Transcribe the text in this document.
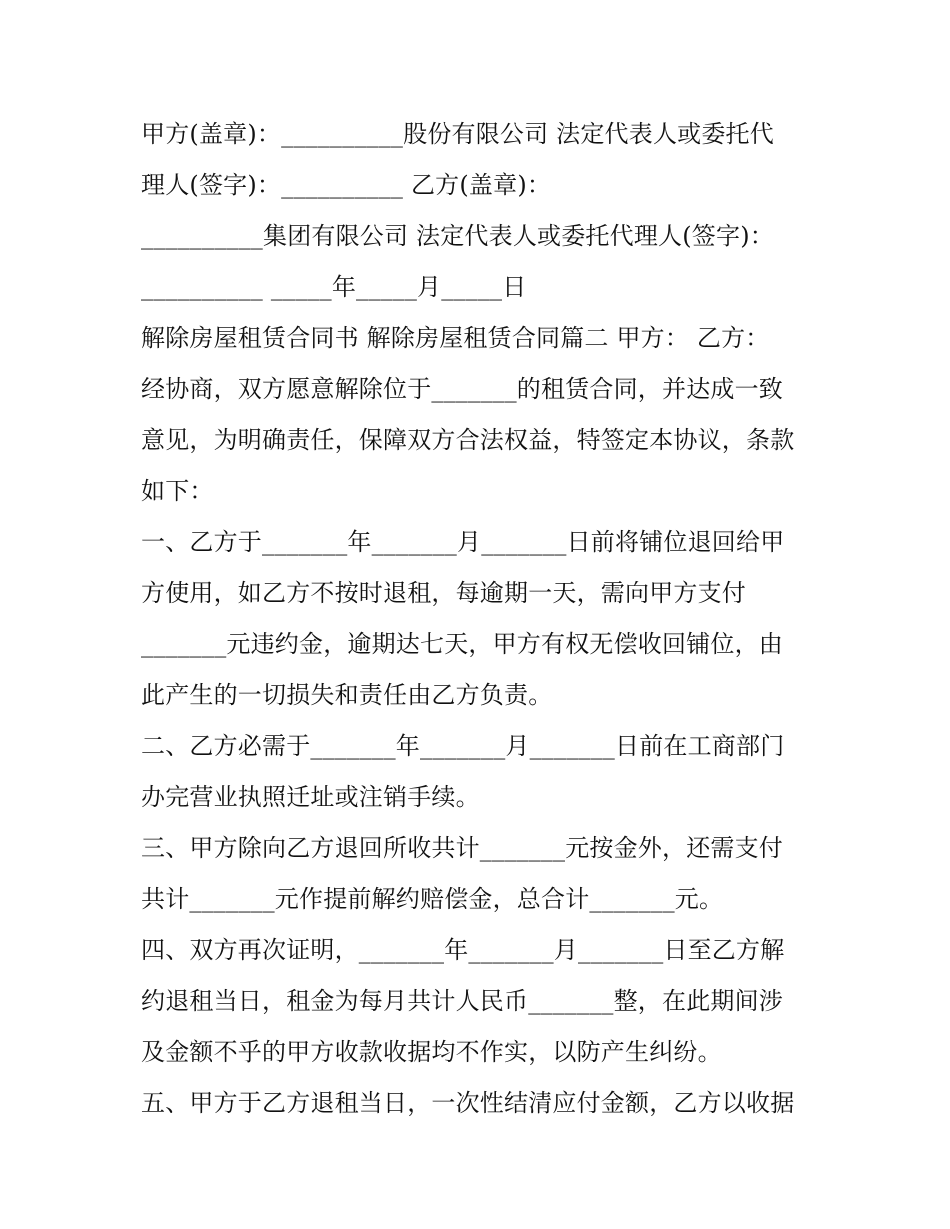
甲方(盖章)：__________股份有限公司 法定代表人或委托代
理人(签字)：__________ 乙方(盖章)：
__________集团有限公司 法定代表人或委托代理人(签字)：
__________ _____年_____月_____日
解除房屋租赁合同书 解除房屋租赁合同篇二 甲方： 乙方：
经协商，双方愿意解除位于_______的租赁合同，并达成一致
意见，为明确责任，保障双方合法权益，特签定本协议，条款
如下：
一、乙方于_______年_______月_______日前将铺位退回给甲
方使用，如乙方不按时退租，每逾期一天，需向甲方支付
_______元违约金，逾期达七天，甲方有权无偿收回铺位，由
此产生的一切损失和责任由乙方负责。
二、乙方必需于_______年_______月_______日前在工商部门
办完营业执照迁址或注销手续。
三、甲方除向乙方退回所收共计_______元按金外，还需支付
共计_______元作提前解约赔偿金，总合计_______元。
四、双方再次证明，_______年_______月_______日至乙方解
约退租当日，租金为每月共计人民币_______整，在此期间涉
及金额不乎的甲方收款收据均不作实，以防产生纠纷。
五、甲方于乙方退租当日，一次性结清应付金额，乙方以收据
